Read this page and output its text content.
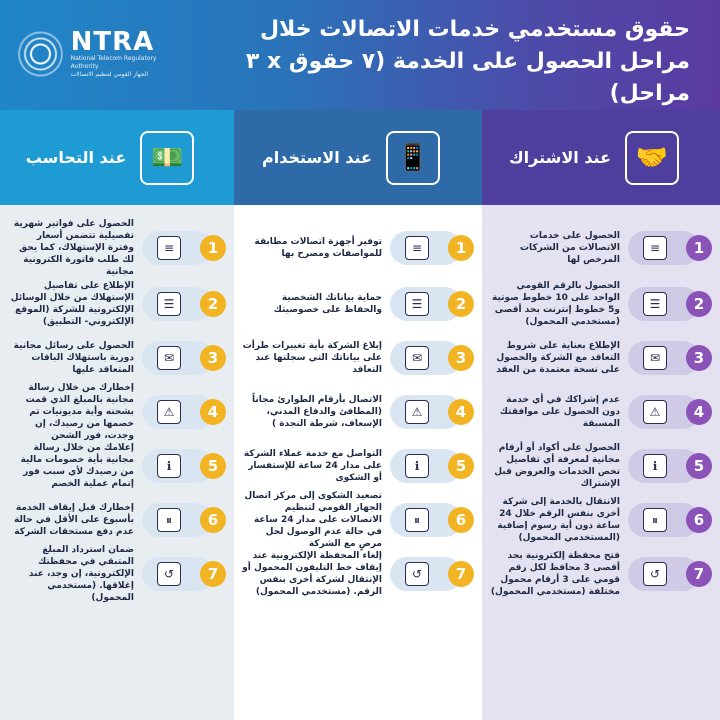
NTRA
National Telecom Regulatory Authority
الجهاز القومي لتنظيم الاتصالات
حقوق مستخدمي خدمات الاتصالات خلال
مراحل الحصول على الخدمة (٧ حقوق x ٣ مراحل)
عند التحاسب 💵	عند الاستخدام 📱	عند الاشتراك 🤝
1
≡
الحصول على فواتير شهرية تفصيلية تتضمن أسعار وفترة الإستهلاك، كما يحق لك طلب فاتورة الكترونية مجانية
2
☰
الإطلاع على تفاصيل الإستهلاك من خلال الوسائل الإلكترونية للشركة (الموقع الإلكتروني- التطبيق)
3
✉
الحصول على رسائل مجانية دورية باستهلاك الباقات المتعاقد عليها
4
⚠
إخطارك من خلال رسالة مجانية بالمبلغ الذي قمت بشحنه وأية مديونيات تم خصمها من رصيدك، إن وجدت، فور الشحن
5
ℹ
إعلامك من خلال رسالة مجانية بأية خصومات مالية من رصيدك لأي سبب فور إتمام عملية الخصم
6
⏸
إخطارك قبل إيقاف الخدمة بأسبوع على الأقل في حالة عدم دفع مستحقات الشركة
7
↺
ضمان استرداد المبلغ المتبقي في محفظتك الإلكترونية، إن وجد، عند إغلاقها. (مستخدمي المحمول)
1
≡
توفير أجهزة اتصالات مطابقة للمواصفات ومصرح بها
2
☰
حماية بياناتك الشخصية والحفاظ على خصوصيتك
3
✉
إبلاغ الشركة بأية تغييرات طرأت على بياناتك التي سجلتها عند التعاقد
4
⚠
الاتصال بأرقام الطوارئ مجاناً (المطافئ والدفاع المدني، الإسعاف، شرطة النجدة )
5
ℹ
التواصل مع خدمة عملاء الشركة على مدار 24 ساعة للإستفسار أو الشكوى
6
⏸
تصعيد الشكوى إلى مركز اتصال الجهاز القومي لتنظيم الاتصالات على مدار 24 ساعة في حالة عدم الوصول لحل مرضٍ مع الشركة
7
↺
إلغاء المحفظة الإلكترونية عند إيقاف خط التليفون المحمول أو الإنتقال لشركة أخرى بنفس الرقم. (مستخدمي المحمول)
1
≡
الحصول على خدمات الاتصالات من الشركات المرخص لها
2
☰
الحصول بالرقم القومي الواحد على 10 خطوط صوتية و5 خطوط إنترنت بحد أقصى (مستخدمي المحمول)
3
✉
الإطلاع بعناية على شروط التعاقد مع الشركة والحصول على نسخة معتمدة من العقد
4
⚠
عدم إشراكك في أي خدمة دون الحصول على موافقتك المسبقة
5
ℹ
الحصول على أكواد أو أرقام مجانية لمعرفة أي تفاصيل تخص الخدمات والعروض قبل الإشتراك
6
⏸
الانتقال بالخدمة إلى شركة أخرى بنفس الرقم خلال 24 ساعة دون أية رسوم إضافية (المستخدمي المحمول)
7
↺
فتح محفظة إلكترونية بحد أقصى 3 محافظ لكل رقم قومي على 3 أرقام محمول مختلفة (مستخدمي المحمول)
